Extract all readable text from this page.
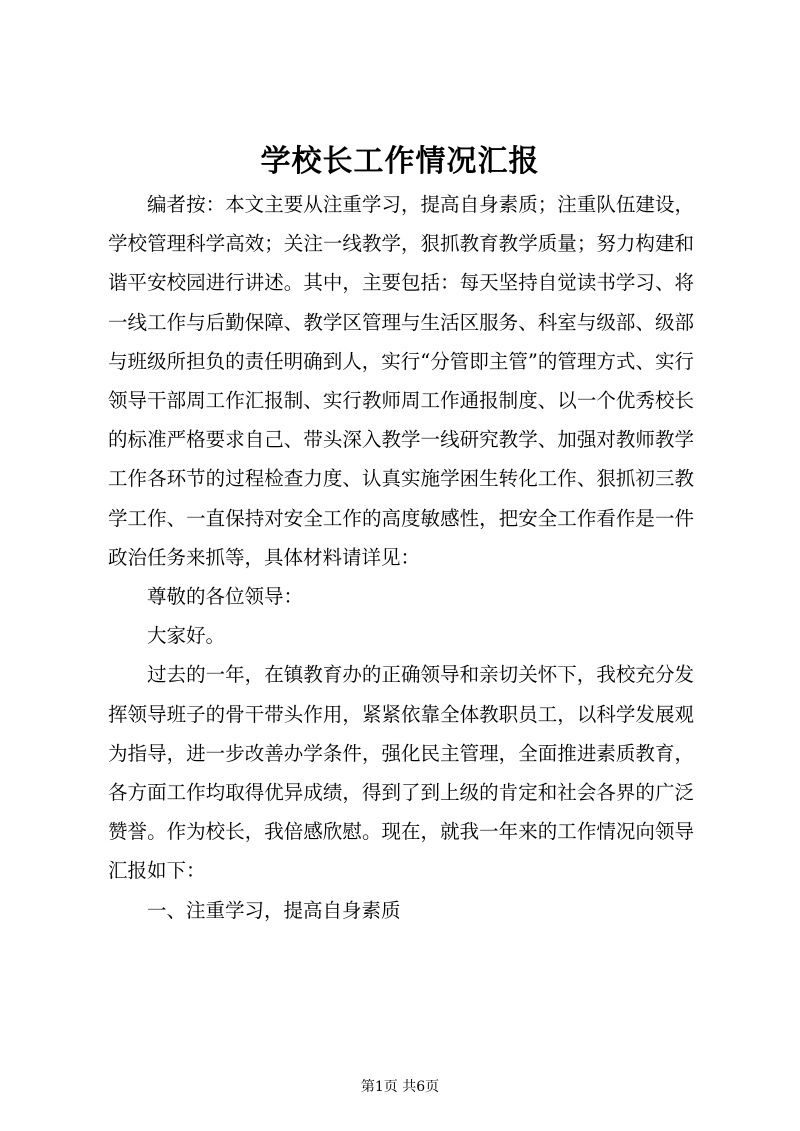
学校长工作情况汇报

编者按：本文主要从注重学习，提高自身素质；注重队伍建设，学校管理科学高效；关注一线教学，狠抓教育教学质量；努力构建和谐平安校园进行讲述。其中，主要包括：每天坚持自觉读书学习、将一线工作与后勤保障、教学区管理与生活区服务、科室与级部、级部与班级所担负的责任明确到人，实行“分管即主管”的管理方式、实行领导干部周工作汇报制、实行教师周工作通报制度、以一个优秀校长的标准严格要求自己、带头深入教学一线研究教学、加强对教师教学工作各环节的过程检查力度、认真实施学困生转化工作、狠抓初三教学工作、一直保持对安全工作的高度敏感性，把安全工作看作是一件政治任务来抓等，具体材料请详见：

尊敬的各位领导：

大家好。

过去的一年，在镇教育办的正确领导和亲切关怀下，我校充分发挥领导班子的骨干带头作用，紧紧依靠全体教职员工，以科学发展观为指导，进一步改善办学条件，强化民主管理，全面推进素质教育，各方面工作均取得优异成绩，得到了到上级的肯定和社会各界的广泛赞誉。作为校长，我倍感欣慰。现在，就我一年来的工作情况向领导汇报如下：

一、注重学习，提高自身素质

第1页 共6页
